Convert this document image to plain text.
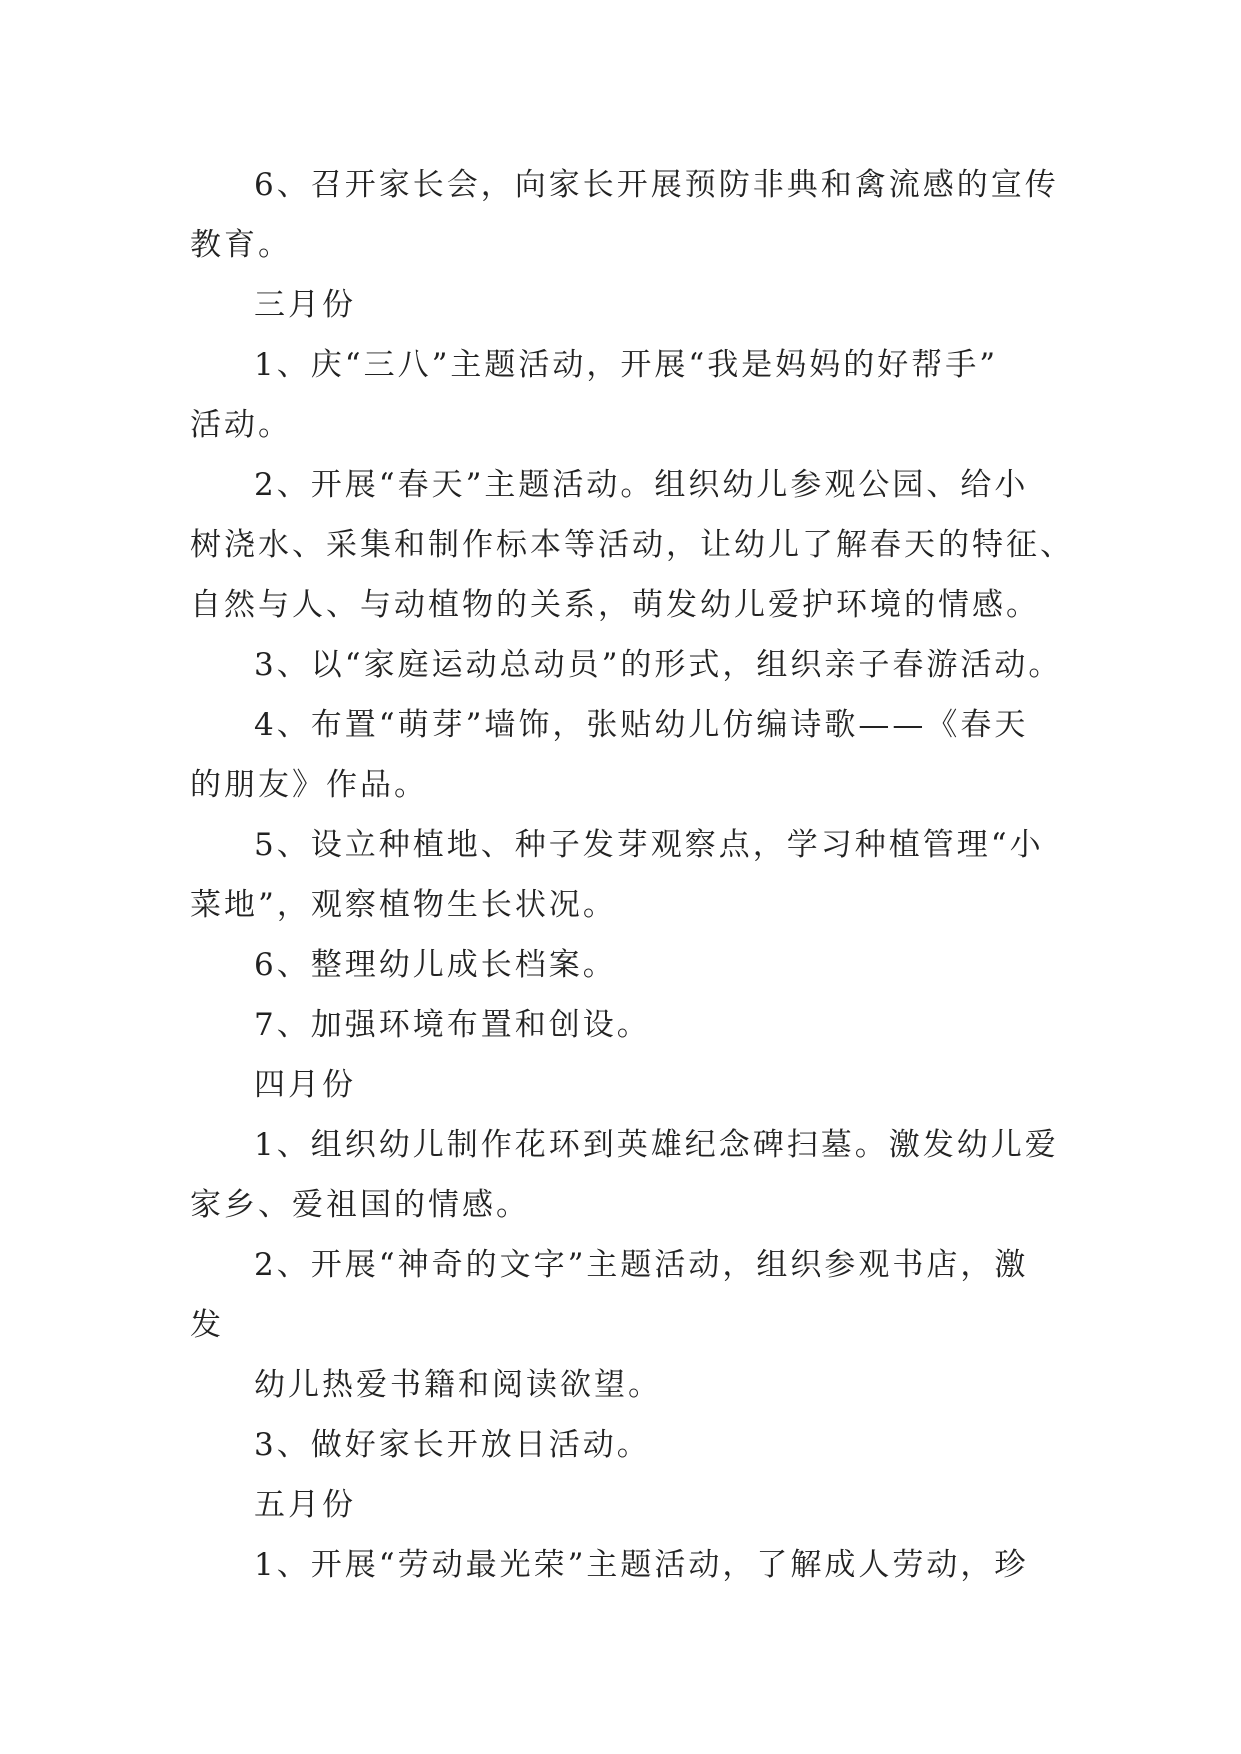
6、召开家长会，向家长开展预防非典和禽流感的宣传
教育。
三月份
1、庆“三八”主题活动，开展“我是妈妈的好帮手”
活动。
2、开展“春天”主题活动。组织幼儿参观公园、给小
树浇水、采集和制作标本等活动，让幼儿了解春天的特征、
自然与人、与动植物的关系，萌发幼儿爱护环境的情感。
3、以“家庭运动总动员”的形式，组织亲子春游活动。
4、布置“萌芽”墙饰，张贴幼儿仿编诗歌——《春天
的朋友》作品。
5、设立种植地、种子发芽观察点，学习种植管理“小
菜地”，观察植物生长状况。
6、整理幼儿成长档案。
7、加强环境布置和创设。
四月份
1、组织幼儿制作花环到英雄纪念碑扫墓。激发幼儿爱
家乡、爱祖国的情感。
2、开展“神奇的文字”主题活动，组织参观书店，激
发
幼儿热爱书籍和阅读欲望。
3、做好家长开放日活动。
五月份
1、开展“劳动最光荣”主题活动，了解成人劳动，珍
